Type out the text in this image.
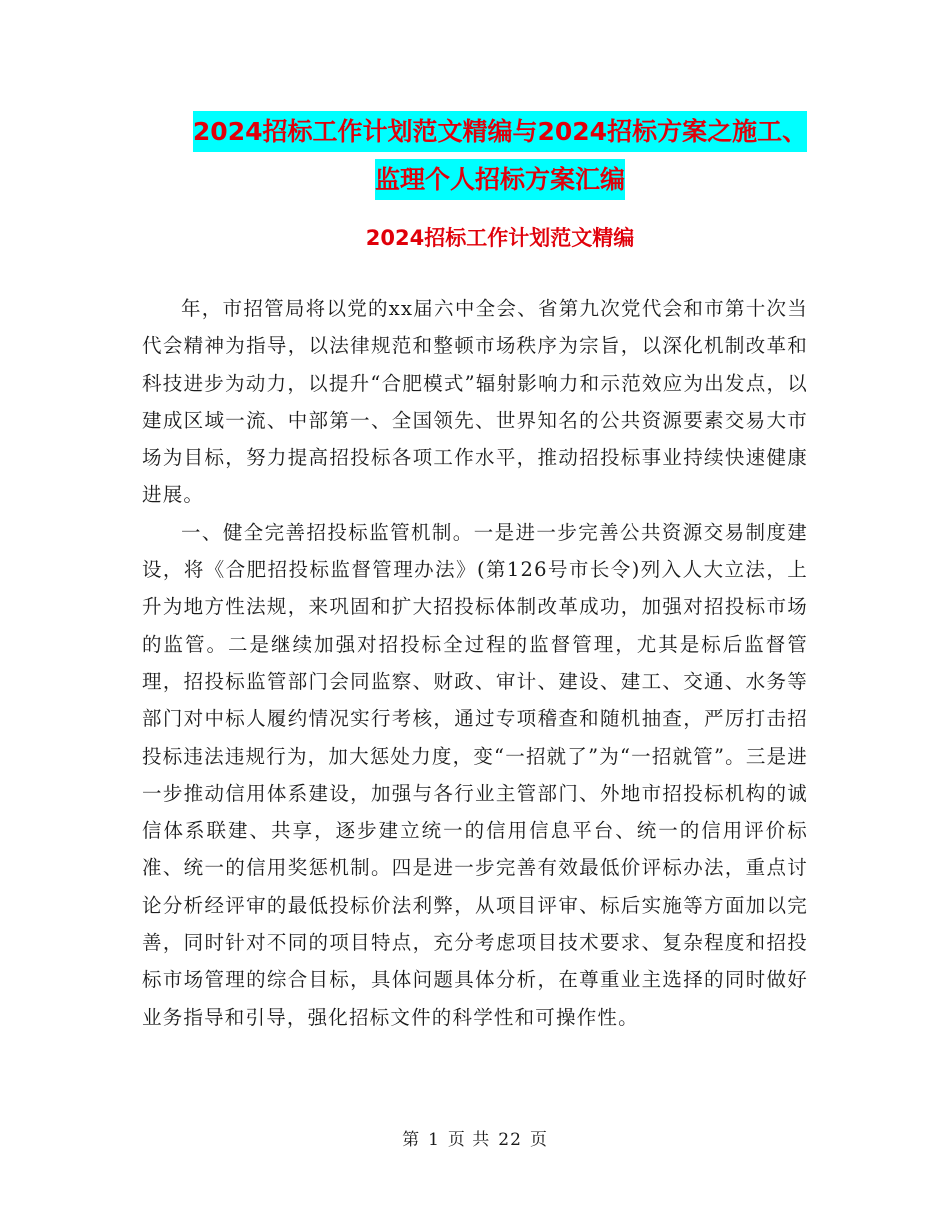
2024招标工作计划范文精编与2024招标方案之施工、
监理个人招标方案汇编
2024招标工作计划范文精编

年，市招管局将以党的xx届六中全会、省第九次党代会和市第十次当代会精神为指导，以法律规范和整顿市场秩序为宗旨，以深化机制改革和科技进步为动力，以提升“合肥模式”辐射影响力和示范效应为出发点，以建成区域一流、中部第一、全国领先、世界知名的公共资源要素交易大市场为目标，努力提高招投标各项工作水平，推动招投标事业持续快速健康进展。

一、健全完善招投标监管机制。一是进一步完善公共资源交易制度建设，将《合肥招投标监督管理办法》(第126号市长令)列入人大立法，上升为地方性法规，来巩固和扩大招投标体制改革成功，加强对招投标市场的监管。二是继续加强对招投标全过程的监督管理，尤其是标后监督管理，招投标监管部门会同监察、财政、审计、建设、建工、交通、水务等部门对中标人履约情况实行考核，通过专项稽查和随机抽查，严厉打击招投标违法违规行为，加大惩处力度，变“一招就了”为“一招就管”。三是进一步推动信用体系建设，加强与各行业主管部门、外地市招投标机构的诚信体系联建、共享，逐步建立统一的信用信息平台、统一的信用评价标准、统一的信用奖惩机制。四是进一步完善有效最低价评标办法，重点讨论分析经评审的最低投标价法利弊，从项目评审、标后实施等方面加以完善，同时针对不同的项目特点，充分考虑项目技术要求、复杂程度和招投标市场管理的综合目标，具体问题具体分析，在尊重业主选择的同时做好业务指导和引导，强化招标文件的科学性和可操作性。

第 1 页 共 22 页
